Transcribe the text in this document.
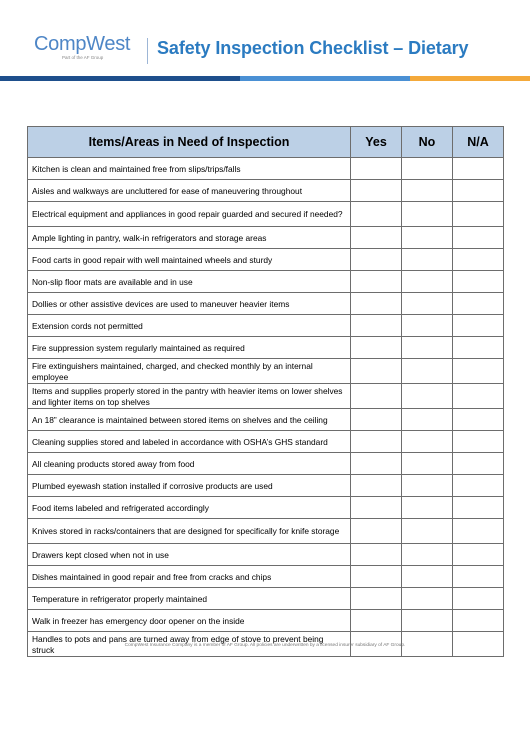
CompWest
Part of the AF Group	Safety Inspection Checklist – Dietary
Items/Areas in Need of Inspection	Yes	No	N/A
Kitchen is clean and maintained free from slips/trips/falls			
Aisles and walkways are uncluttered for ease of maneuvering throughout			
Electrical equipment and appliances in good repair guarded and secured if needed?			
Ample lighting in pantry, walk-in refrigerators and storage areas			
Food carts in good repair with well maintained wheels and sturdy			
Non-slip floor mats are available and in use			
Dollies or other assistive devices are used to maneuver heavier items			
Extension cords not permitted			
Fire suppression system regularly maintained as required			
Fire extinguishers maintained, charged, and checked monthly by an internal employee			
Items and supplies properly stored in the pantry with heavier items on lower shelves and lighter items on top shelves			
An 18” clearance is maintained between stored items on shelves and the ceiling			
Cleaning supplies stored and labeled in accordance with OSHA’s GHS standard			
All cleaning products stored away from food			
Plumbed eyewash station installed if corrosive products are used			
Food items labeled and refrigerated accordingly			
Knives stored in racks/containers that are designed for specifically for knife storage			
Drawers kept closed when not in use			
Dishes maintained in good repair and free from cracks and chips			
Temperature in refrigerator properly maintained			
Walk in freezer has emergency door opener on the inside			
Handles to pots and pans are turned away from edge of stove to prevent being struck				CompWest Insurance Company is a member of AF Group. All policies are underwritten by a licensed insurer subsidiary of AF Group.
